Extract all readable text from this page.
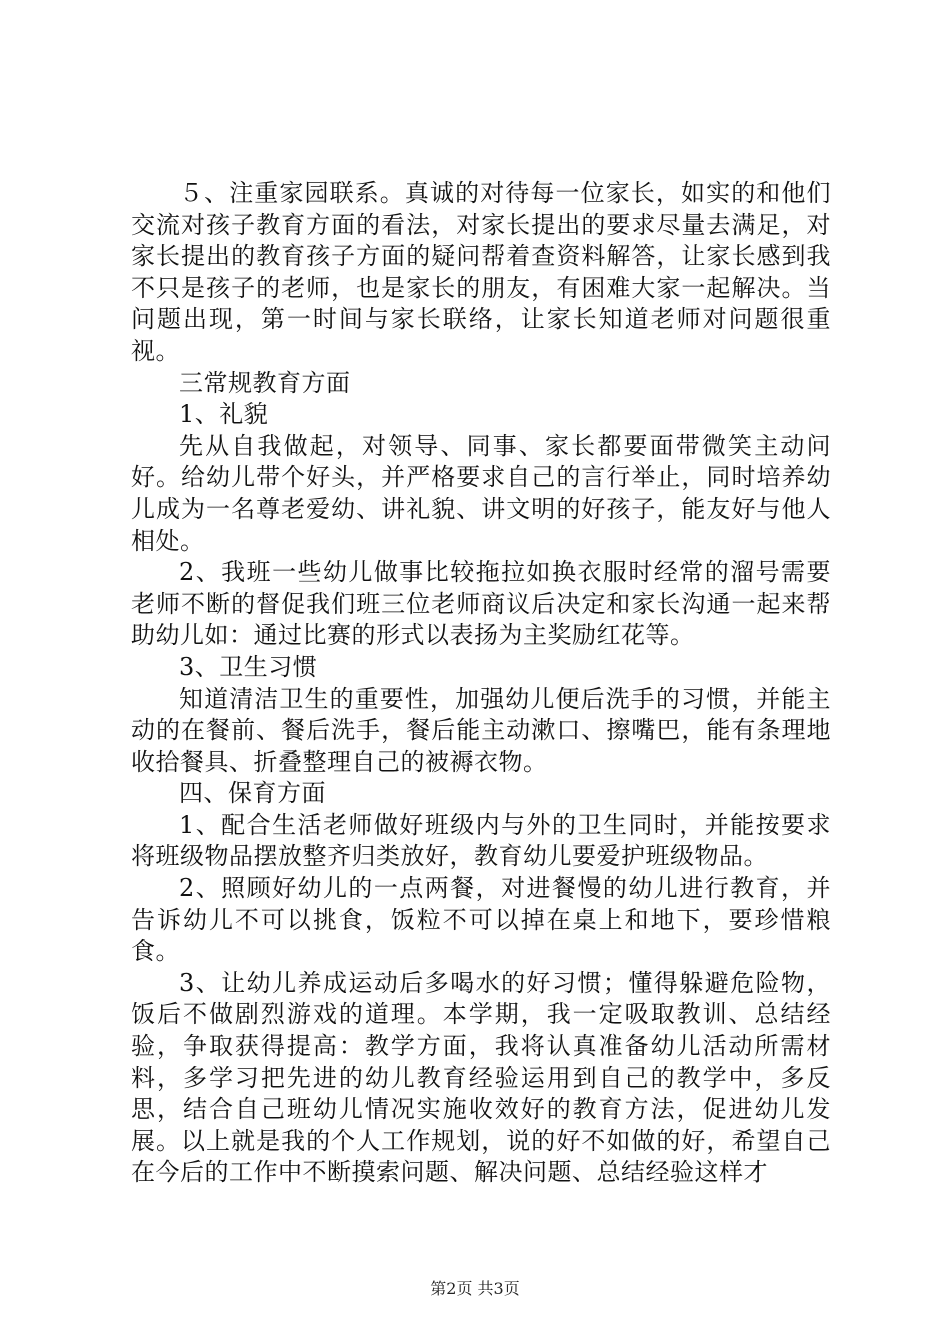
５、注重家园联系。真诚的对待每一位家长，如实的和他们交流对孩子教育方面的看法，对家长提出的要求尽量去满足，对家长提出的教育孩子方面的疑问帮着查资料解答，让家长感到我不只是孩子的老师，也是家长的朋友，有困难大家一起解决。当问题出现，第一时间与家长联络，让家长知道老师对问题很重视。

三常规教育方面

1、礼貌

先从自我做起，对领导、同事、家长都要面带微笑主动问好。给幼儿带个好头，并严格要求自己的言行举止，同时培养幼儿成为一名尊老爱幼、讲礼貌、讲文明的好孩子，能友好与他人相处。

2、我班一些幼儿做事比较拖拉如换衣服时经常的溜号需要老师不断的督促我们班三位老师商议后决定和家长沟通一起来帮助幼儿如：通过比赛的形式以表扬为主奖励红花等。

3、卫生习惯

知道清洁卫生的重要性，加强幼儿便后洗手的习惯，并能主动的在餐前、餐后洗手，餐后能主动漱口、擦嘴巴，能有条理地收拾餐具、折叠整理自己的被褥衣物。

四、保育方面

1、配合生活老师做好班级内与外的卫生同时，并能按要求将班级物品摆放整齐归类放好，教育幼儿要爱护班级物品。

2、照顾好幼儿的一点两餐，对进餐慢的幼儿进行教育，并告诉幼儿不可以挑食，饭粒不可以掉在桌上和地下，要珍惜粮食。

3、让幼儿养成运动后多喝水的好习惯；懂得躲避危险物，饭后不做剧烈游戏的道理。本学期，我一定吸取教训、总结经验，争取获得提高：教学方面，我将认真准备幼儿活动所需材料，多学习把先进的幼儿教育经验运用到自己的教学中，多反思，结合自己班幼儿情况实施收效好的教育方法，促进幼儿发展。以上就是我的个人工作规划，说的好不如做的好，希望自己在今后的工作中不断摸索问题、解决问题、总结经验这样才

第2页 共3页
